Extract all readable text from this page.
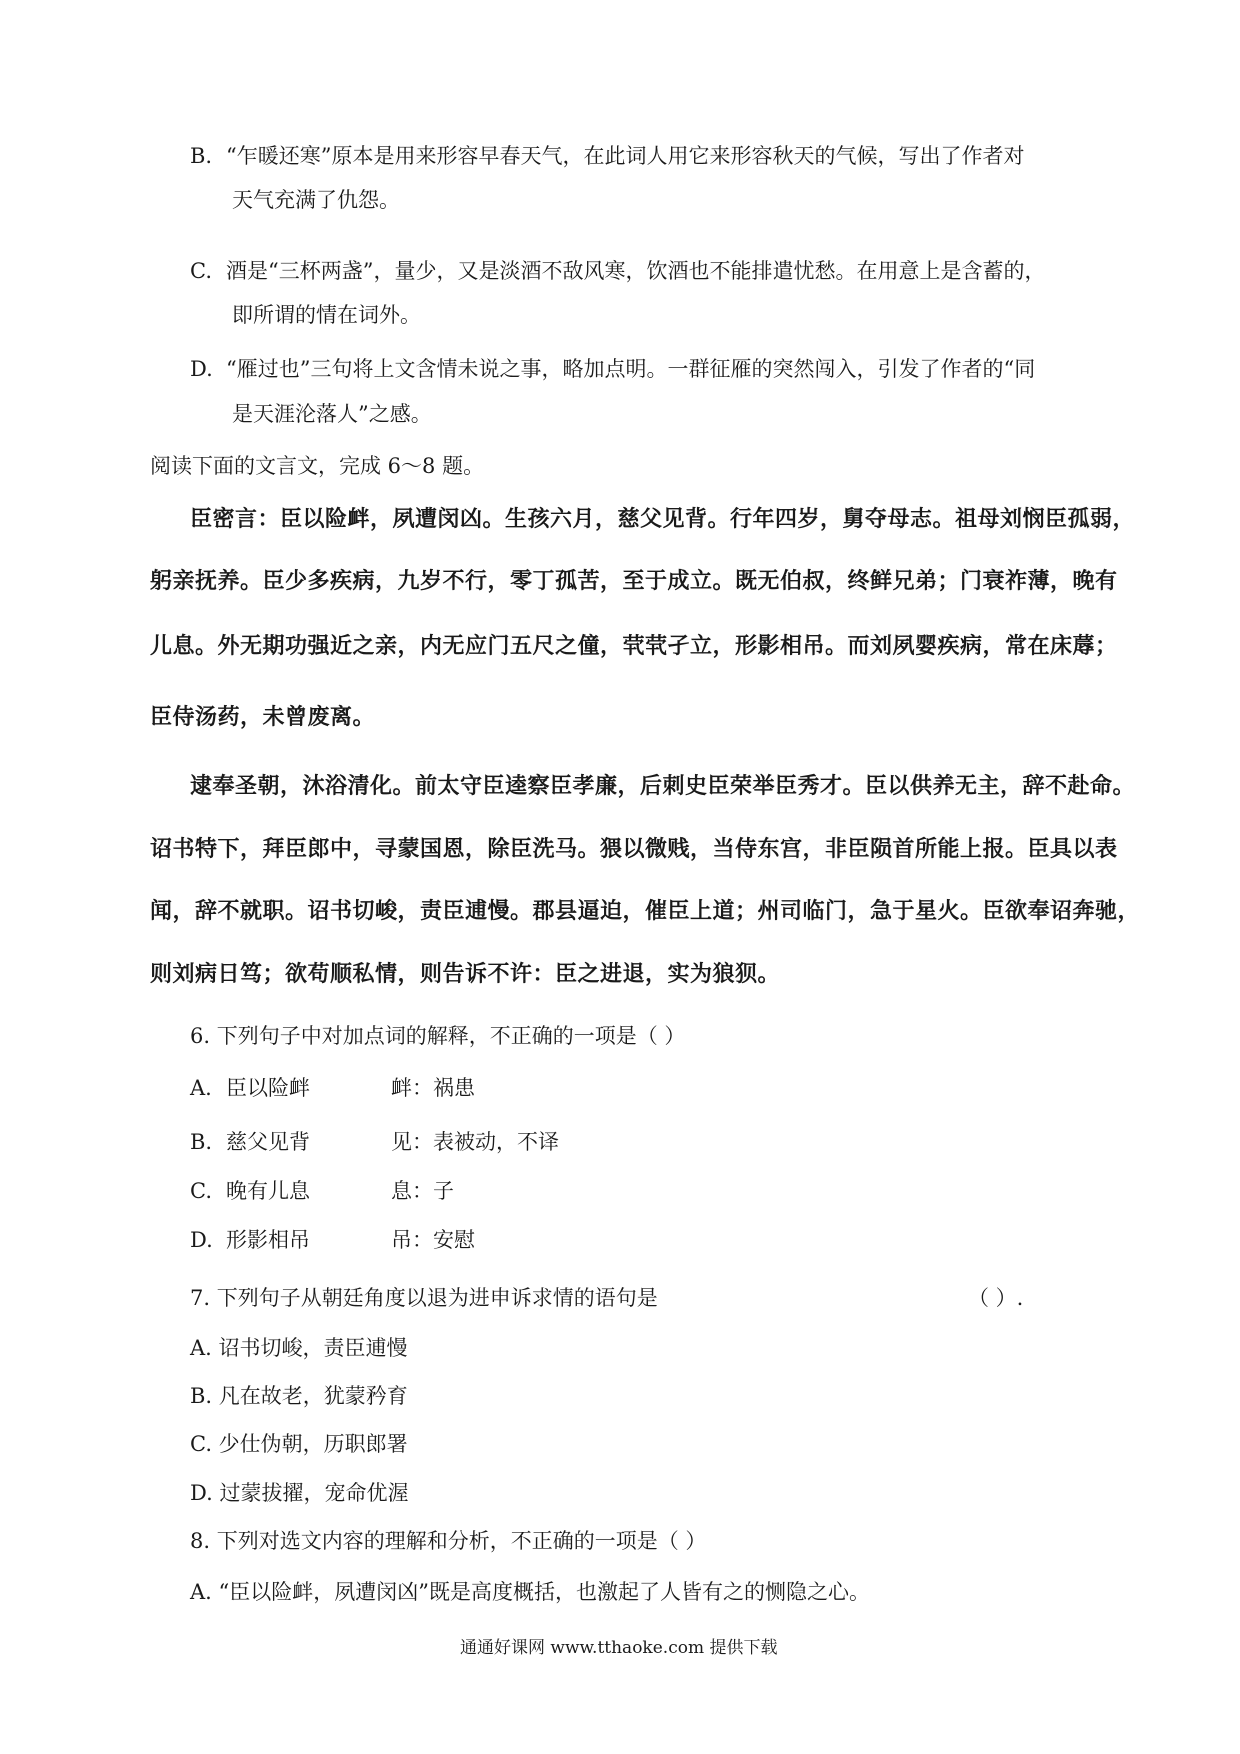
B. “乍暖还寒”原本是用来形容早春天气，在此词人用它来形容秋天的气候，写出了作者对
天气充满了仇怨。
C. 酒是“三杯两盏”，量少，又是淡酒不敌风寒，饮酒也不能排遣忧愁。在用意上是含蓄的，
即所谓的情在词外。
D. “雁过也”三句将上文含情未说之事，略加点明。一群征雁的突然闯入，引发了作者的“同
是天涯沦落人”之感。
阅读下面的文言文，完成 6～8 题。
臣密言：臣以险衅，夙遭闵凶。生孩六月，慈父见背。行年四岁，舅夺母志。祖母刘悯臣孤弱，
躬亲抚养。臣少多疾病，九岁不行，零丁孤苦，至于成立。既无伯叔，终鲜兄弟；门衰祚薄，晚有
儿息。外无期功强近之亲，内无应门五尺之僮，茕茕孑立，形影相吊。而刘夙婴疾病，常在床蓐；
臣侍汤药，未曾废离。
逮奉圣朝，沐浴清化。前太守臣逵察臣孝廉，后刺史臣荣举臣秀才。臣以供养无主，辞不赴命。
诏书特下，拜臣郎中，寻蒙国恩，除臣洗马。猥以微贱，当侍东宫，非臣陨首所能上报。臣具以表
闻，辞不就职。诏书切峻，责臣逋慢。郡县逼迫，催臣上道；州司临门，急于星火。臣欲奉诏奔驰，
则刘病日笃；欲苟顺私情，则告诉不许：臣之进退，实为狼狈。
6. 下列句子中对加点词的解释，不正确的一项是（ ）
A. 臣以险衅	衅：祸患
B. 慈父见背	见：表被动，不译
C. 晚有儿息	息：子
D. 形影相吊	吊：安慰
7. 下列句子从朝廷角度以退为进申诉求情的语句是	（ ）.
A. 诏书切峻，责臣逋慢
B. 凡在故老，犹蒙矜育
C. 少仕伪朝，历职郎署
D. 过蒙拔擢，宠命优渥
8. 下列对选文内容的理解和分析，不正确的一项是（ ）
A. “臣以险衅，夙遭闵凶”既是高度概括，也激起了人皆有之的恻隐之心。
通通好课网 www.tthaoke.com 提供下载
